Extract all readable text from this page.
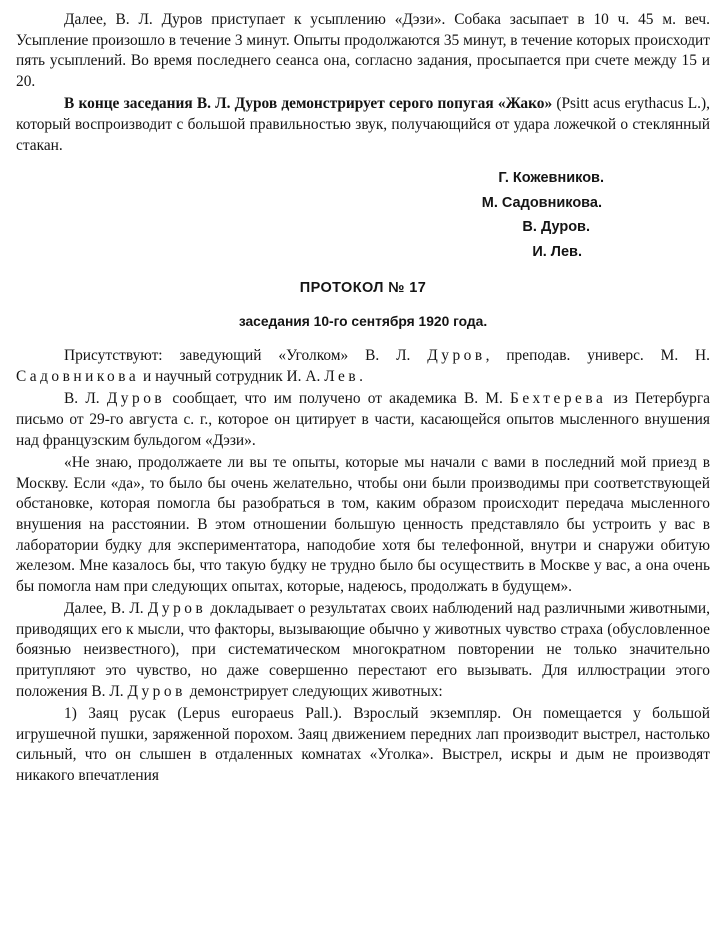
Далее, В. Л. Дуров приступает к усыплению «Дэзи». Собака засыпает в 10 ч. 45 м. веч. Усыпление произошло в течение 3 минут. Опыты продолжаются 35 минут, в течение которых происходит пять усыплений. Во время последнего сеанса она, согласно задания, просыпается при счете между 15 и 20.

В конце заседания В. Л. Дуров демонстрирует серого попугая «Жако» (Psitt acus erythacus L.), который воспроизводит с большой правильностью звук, получающийся от удара ложечкой о стеклянный стакан.

Г. Кожевников.
М. Садовникова.
В. Дуров.
И. Лев.
ПРОТОКОЛ № 17
заседания 10-го сентября 1920 года.

Присутствуют: заведующий «Уголком» В. Л. Дуров, преподав. универс. М. Н. Садовникова и научный сотрудник И. А. Лев.

В. Л. Дуров сообщает, что им получено от академика В. М. Бехтерева из Петербурга письмо от 29-го августа с. г., которое он цитирует в части, касающейся опытов мысленного внушения над французским бульдогом «Дэзи».

«Не знаю, продолжаете ли вы те опыты, которые мы начали с вами в последний мой приезд в Москву. Если «да», то было бы очень желательно, чтобы они были производимы при соответствующей обстановке, которая помогла бы разобраться в том, каким образом происходит передача мысленного внушения на расстоянии. В этом отношении большую ценность представляло бы устроить у вас в лаборатории будку для экспериментатора, наподобие хотя бы телефонной, внутри и снаружи обитую железом. Мне казалось бы, что такую будку не трудно было бы осуществить в Москве у вас, а она очень бы помогла нам при следующих опытах, которые, надеюсь, продолжать в будущем».

Далее, В. Л. Дуров докладывает о результатах своих наблюдений над различными животными, приводящих его к мысли, что факторы, вызывающие обычно у животных чувство страха (обусловленное боязнью неизвестного), при систематическом многократном повторении не только значительно притупляют это чувство, но даже совершенно перестают его вызывать. Для иллюстрации этого положения В. Л. Дуров демонстрирует следующих животных:

1) Заяц русак (Lepus europaeus Pall.). Взрослый экземпляр. Он помещается у большой игрушечной пушки, заряженной порохом. Заяц движением передних лап производит выстрел, настолько сильный, что он слышен в отдаленных комнатах «Уголка». Выстрел, искры и дым не производят никакого впечатления
